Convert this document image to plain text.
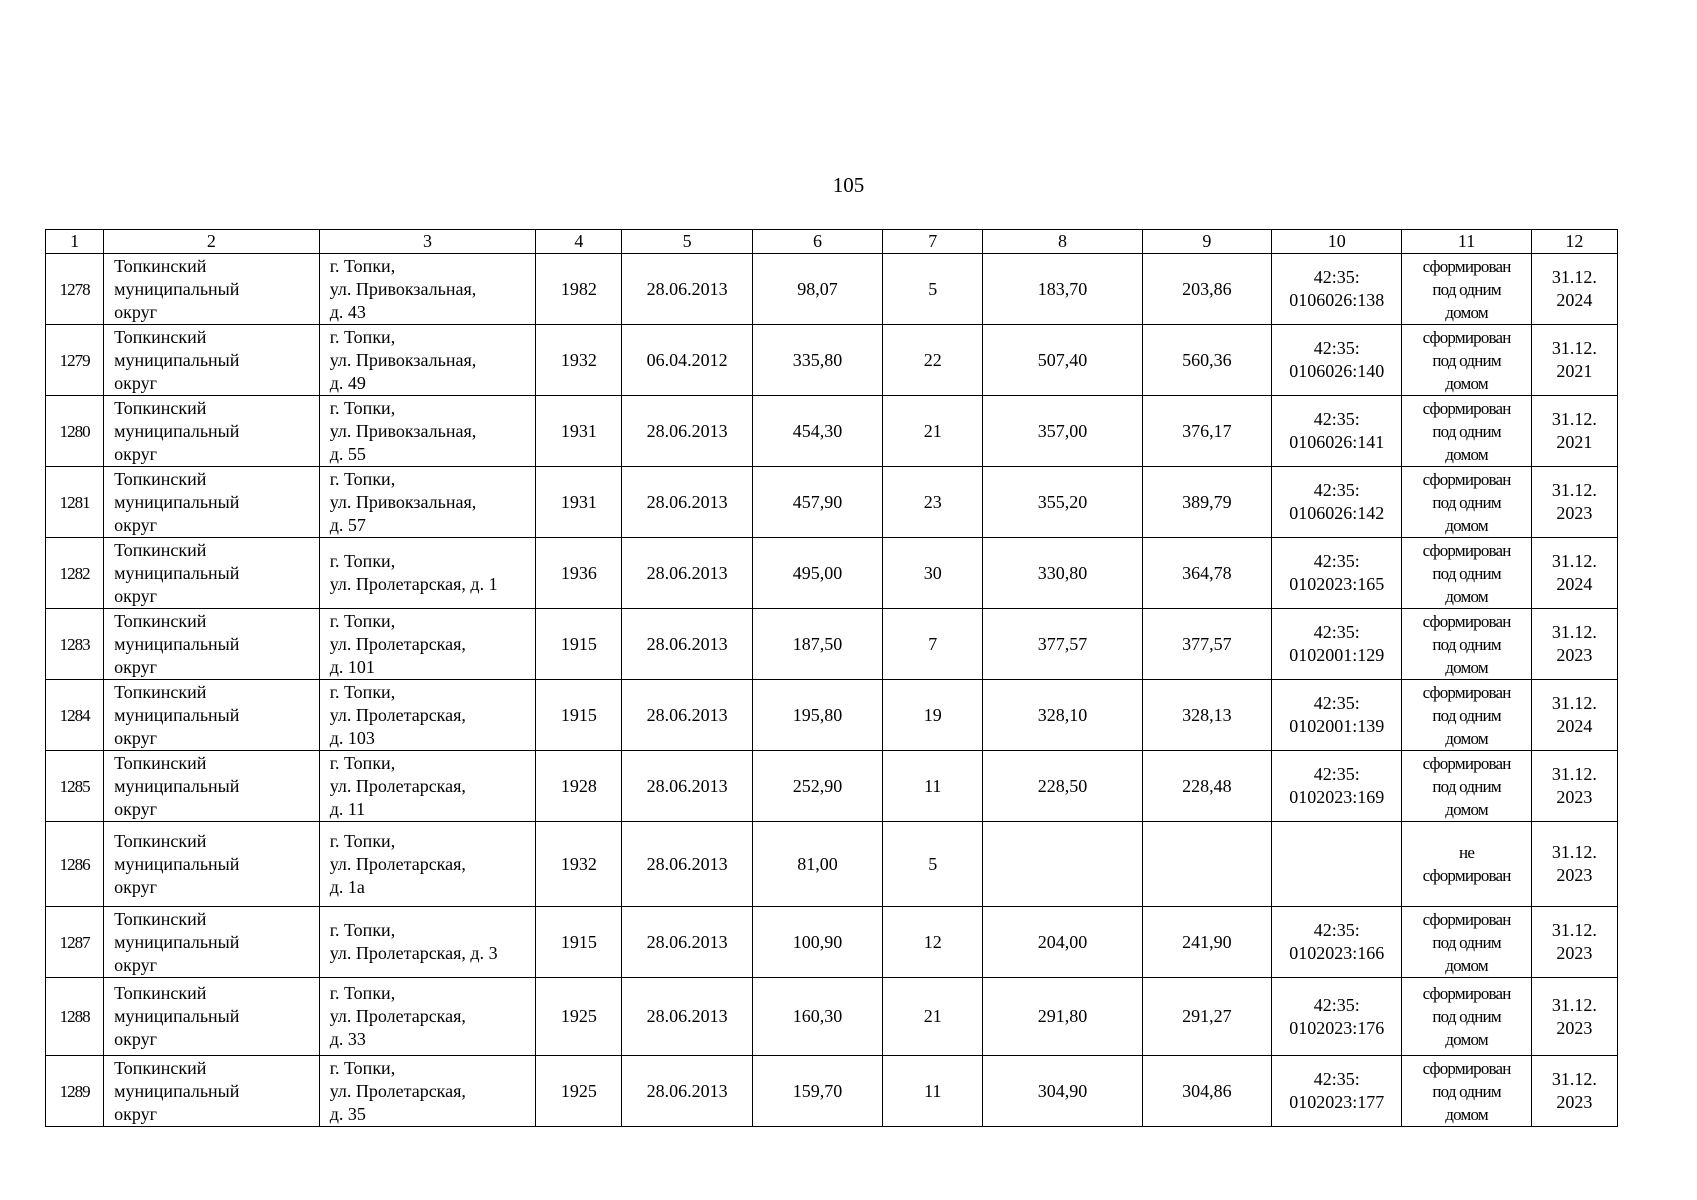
105
1	2	3	4	5	6	7	8	9	10	11	12
1278	Топкинский
муниципальный
округ	г. Топки,
ул. Привокзальная,
д. 43	1982	28.06.2013	98,07	5	183,70	203,86	42:35:
0106026:138	сформирован
под одним
домом	31.12.
2024

1279	Топкинский
муниципальный
округ	г. Топки,
ул. Привокзальная,
д. 49	1932	06.04.2012	335,80	22	507,40	560,36	42:35:
0106026:140	сформирован
под одним
домом	31.12.
2021

1280	Топкинский
муниципальный
округ	г. Топки,
ул. Привокзальная,
д. 55	1931	28.06.2013	454,30	21	357,00	376,17	42:35:
0106026:141	сформирован
под одним
домом	31.12.
2021

1281	Топкинский
муниципальный
округ	г. Топки,
ул. Привокзальная,
д. 57	1931	28.06.2013	457,90	23	355,20	389,79	42:35:
0106026:142	сформирован
под одним
домом	31.12.
2023

1282	Топкинский
муниципальный
округ	г. Топки,
ул. Пролетарская, д. 1	1936	28.06.2013	495,00	30	330,80	364,78	42:35:
0102023:165	сформирован
под одним
домом	31.12.
2024

1283	Топкинский
муниципальный
округ	г. Топки,
ул. Пролетарская,
д. 101	1915	28.06.2013	187,50	7	377,57	377,57	42:35:
0102001:129	сформирован
под одним
домом	31.12.
2023

1284	Топкинский
муниципальный
округ	г. Топки,
ул. Пролетарская,
д. 103	1915	28.06.2013	195,80	19	328,10	328,13	42:35:
0102001:139	сформирован
под одним
домом	31.12.
2024

1285	Топкинский
муниципальный
округ	г. Топки,
ул. Пролетарская,
д. 11	1928	28.06.2013	252,90	11	228,50	228,48	42:35:
0102023:169	сформирован
под одним
домом	31.12.
2023

1286	Топкинский
муниципальный
округ	г. Топки,
ул. Пролетарская,
д. 1а	1932	28.06.2013	81,00	5				не
сформирован	31.12.
2023

1287	Топкинский
муниципальный
округ	г. Топки,
ул. Пролетарская, д. 3	1915	28.06.2013	100,90	12	204,00	241,90	42:35:
0102023:166	сформирован
под одним
домом	31.12.
2023

1288	Топкинский
муниципальный
округ	г. Топки,
ул. Пролетарская,
д. 33	1925	28.06.2013	160,30	21	291,80	291,27	42:35:
0102023:176	сформирован
под одним
домом	31.12.
2023

1289	Топкинский
муниципальный
округ	г. Топки,
ул. Пролетарская,
д. 35	1925	28.06.2013	159,70	11	304,90	304,86	42:35:
0102023:177	сформирован
под одним
домом	31.12.
2023
